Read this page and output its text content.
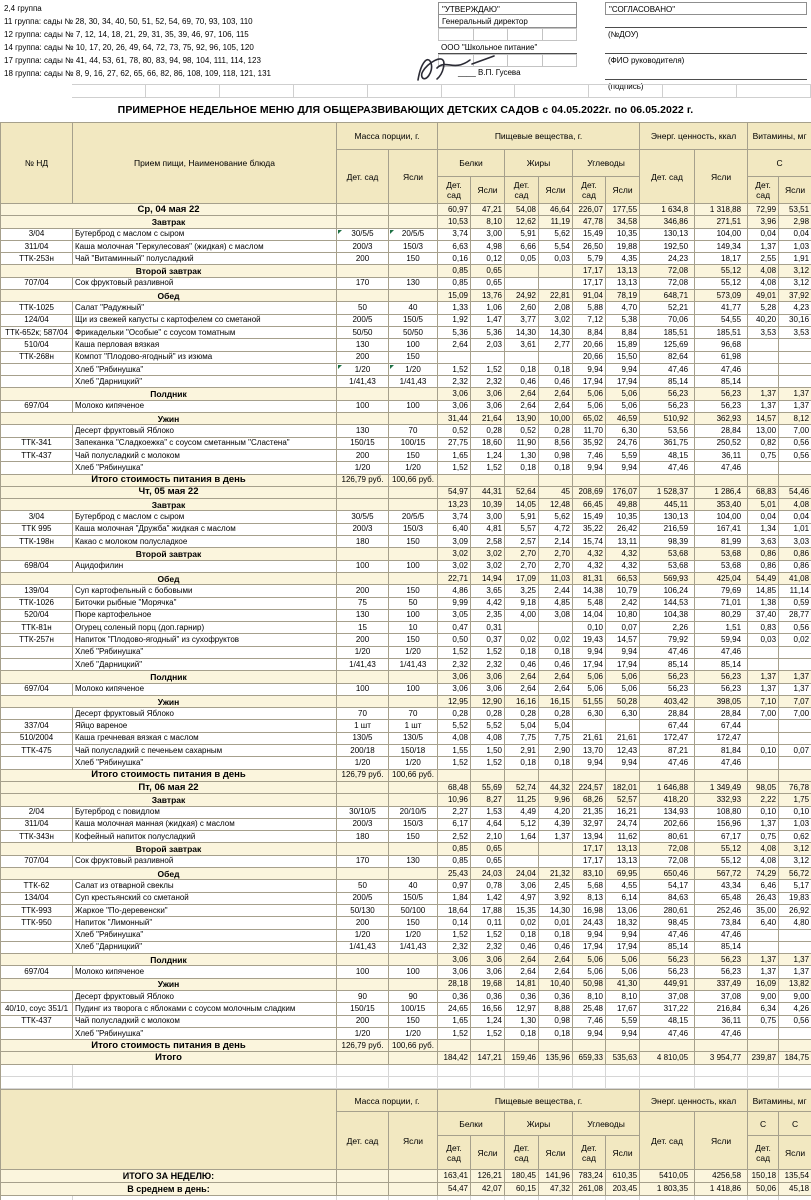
2,4 группа
11 группа: сады № 28, 30, 34, 40, 50, 51, 52, 54, 69, 70, 93, 103, 110
12 группа: сады № 7, 12, 14, 18, 21, 29, 31, 35, 39, 46, 97, 106, 115
14 группа: сады № 10, 17, 20, 26, 49, 64, 72, 73, 75, 92, 96, 105, 120
17 группа: сады № 41, 44, 53, 61, 78, 80, 83, 94, 98, 104, 111, 114, 123
18 группа: сады № 8, 9, 16, 27, 62, 65, 66, 82, 86, 108, 109, 118, 121, 131
"УТВЕРЖДАЮ"
Генеральный директор
ООО "Школьное питание"
____ В.П. Гусева
"СОГЛАСОВАНО"
(№ДОУ)
(ФИО руководителя)
(подпись)
ПРИМЕРНОЕ НЕДЕЛЬНОЕ МЕНЮ ДЛЯ ОБЩЕРАЗВИВАЮЩИХ ДЕТСКИХ САДОВ с 04.05.2022г. по 06.05.2022 г.
№ НД	Прием пищи, Наименование блюда	Масса порции, г.		Пищевые вещества, г.						Энерг. ценность, ккал		Витамины, мг	
		Дет. сад	Ясли	Белки		Жиры		Углеводы		Дет. сад	Ясли	С	
				Дет. сад	Ясли	Дет. сад	Ясли	Дет. сад	Ясли			Дет. сад	Ясли
Ср, 04 мая 22				60,97	47,21	54,08	46,64	226,07	177,55	1 634,8	1 318,88	72,99	53,51
Завтрак				10,53	8,10	12,62	11,19	47,78	34,58	346,86	271,51	3,96	2,98
3/04	Бутерброд с маслом с сыром	30/5/5	20/5/5	3,74	3,00	5,91	5,62	15,49	10,35	130,13	104,00	0,04	0,04
311/04	Каша молочная "Геркулесовая" (жидкая) с маслом	200/3	150/3	6,63	4,98	6,66	5,54	26,50	19,88	192,50	149,34	1,37	1,03
ТТК-253н	Чай "Витаминный" полусладкий	200	150	0,16	0,12	0,05	0,03	5,79	4,35	24,23	18,17	2,55	1,91
Второй завтрак				0,85	0,65			17,17	13,13	72,08	55,12	4,08	3,12
707/04	Сок фруктовый разливной	170	130	0,85	0,65			17,17	13,13	72,08	55,12	4,08	3,12
Обед				15,09	13,76	24,92	22,81	91,04	78,19	648,71	573,09	49,01	37,92
ТТК-1025	Салат "Радужный"	50	40	1,33	1,06	2,60	2,08	5,88	4,70	52,21	41,77	5,28	4,23
124/04	Щи из свежей капусты с картофелем со сметаной	200/5	150/5	1,92	1,47	3,77	3,02	7,12	5,38	70,06	54,55	40,20	30,16
ТТК-652к; 587/04	Фрикадельки "Особые" с соусом томатным	50/50	50/50	5,36	5,36	14,30	14,30	8,84	8,84	185,51	185,51	3,53	3,53
510/04	Каша перловая вязкая	130	100	2,64	2,03	3,61	2,77	20,66	15,89	125,69	96,68		
ТТК-268н	Компот "Плодово-ягодный" из изюма	200	150					20,66	15,50	82,64	61,98		
	Хлеб "Рябинушка"	1/20	1/20	1,52	1,52	0,18	0,18	9,94	9,94	47,46	47,46		
	Хлеб "Дарницкий"	1/41,43	1/41,43	2,32	2,32	0,46	0,46	17,94	17,94	85,14	85,14		
Полдник				3,06	3,06	2,64	2,64	5,06	5,06	56,23	56,23	1,37	1,37
697/04	Молоко кипяченое	100	100	3,06	3,06	2,64	2,64	5,06	5,06	56,23	56,23	1,37	1,37
Ужин				31,44	21,64	13,90	10,00	65,02	46,59	510,92	362,93	14,57	8,12
	Десерт фруктовый Яблоко	130	70	0,52	0,28	0,52	0,28	11,70	6,30	53,56	28,84	13,00	7,00
ТТК-341	Запеканка "Сладкоежка" с соусом сметанным "Сластена"	150/15	100/15	27,75	18,60	11,90	8,56	35,92	24,76	361,75	250,52	0,82	0,56
ТТК-437	Чай полусладкий с молоком	200	150	1,65	1,24	1,30	0,98	7,46	5,59	48,15	36,11	0,75	0,56
	Хлеб "Рябинушка"	1/20	1/20	1,52	1,52	0,18	0,18	9,94	9,94	47,46	47,46		
Итого стоимость питания в день		126,79 руб.	100,66 руб.										
Чт, 05 мая 22				54,97	44,31	52,64	45	208,69	176,07	1 528,37	1 286,4	68,83	54,46
Завтрак				13,23	10,39	14,05	12,48	66,45	49,88	445,11	353,40	5,01	4,08
3/04	Бутерброд с маслом с сыром	30/5/5	20/5/5	3,74	3,00	5,91	5,62	15,49	10,35	130,13	104,00	0,04	0,04
ТТК 995	Каша молочная "Дружба" жидкая с маслом	200/3	150/3	6,40	4,81	5,57	4,72	35,22	26,42	216,59	167,41	1,34	1,01
ТТК-198н	Какао с молоком полусладкое	180	150	3,09	2,58	2,57	2,14	15,74	13,11	98,39	81,99	3,63	3,03
Второй завтрак				3,02	3,02	2,70	2,70	4,32	4,32	53,68	53,68	0,86	0,86
698/04	Ацидофилин	100	100	3,02	3,02	2,70	2,70	4,32	4,32	53,68	53,68	0,86	0,86
Обед				22,71	14,94	17,09	11,03	81,31	66,53	569,93	425,04	54,49	41,08
139/04	Суп картофельный с бобовыми	200	150	4,86	3,65	3,25	2,44	14,38	10,79	106,24	79,69	14,85	11,14
ТТК-1026	Биточки рыбные "Морячка"	75	50	9,99	4,42	9,18	4,85	5,48	2,42	144,53	71,01	1,38	0,59
520/04	Пюре картофельное	130	100	3,05	2,35	4,00	3,08	14,04	10,80	104,38	80,29	37,40	28,77
ТТК-81н	Огурец соленый порц (доп.гарнир)	15	10	0,47	0,31			0,10	0,07	2,26	1,51	0,83	0,56
ТТК-257н	Напиток "Плодово-ягодный" из сухофруктов	200	150	0,50	0,37	0,02	0,02	19,43	14,57	79,92	59,94	0,03	0,02
	Хлеб "Рябинушка"	1/20	1/20	1,52	1,52	0,18	0,18	9,94	9,94	47,46	47,46		
	Хлеб "Дарницкий"	1/41,43	1/41,43	2,32	2,32	0,46	0,46	17,94	17,94	85,14	85,14		
Полдник				3,06	3,06	2,64	2,64	5,06	5,06	56,23	56,23	1,37	1,37
697/04	Молоко кипяченое	100	100	3,06	3,06	2,64	2,64	5,06	5,06	56,23	56,23	1,37	1,37
Ужин				12,95	12,90	16,16	16,15	51,55	50,28	403,42	398,05	7,10	7,07
	Десерт фруктовый Яблоко	70	70	0,28	0,28	0,28	0,28	6,30	6,30	28,84	28,84	7,00	7,00
337/04	Яйцо вареное	1 шт	1 шт	5,52	5,52	5,04	5,04			67,44	67,44		
510/2004	Каша гречневая вязкая с маслом	130/5	130/5	4,08	4,08	7,75	7,75	21,61	21,61	172,47	172,47		
ТТК-475	Чай полусладкий с печеньем сахарным	200/18	150/18	1,55	1,50	2,91	2,90	13,70	12,43	87,21	81,84	0,10	0,07
	Хлеб "Рябинушка"	1/20	1/20	1,52	1,52	0,18	0,18	9,94	9,94	47,46	47,46		
Итого стоимость питания в день		126,79 руб.	100,66 руб.										
Пт, 06 мая 22				68,48	55,69	52,74	44,32	224,57	182,01	1 646,88	1 349,49	98,05	76,78
Завтрак				10,96	8,27	11,25	9,96	68,26	52,57	418,20	332,93	2,22	1,75
2/04	Бутерброд с повидлом	30/10/5	20/10/5	2,27	1,53	4,49	4,20	21,35	16,21	134,93	108,80	0,10	0,10
311/04	Каша молочная манная (жидкая) с маслом	200/3	150/3	6,17	4,64	5,12	4,39	32,97	24,74	202,66	156,96	1,37	1,03
ТТК-343н	Кофейный напиток полусладкий	180	150	2,52	2,10	1,64	1,37	13,94	11,62	80,61	67,17	0,75	0,62
Второй завтрак				0,85	0,65			17,17	13,13	72,08	55,12	4,08	3,12
707/04	Сок фруктовый разливной	170	130	0,85	0,65			17,17	13,13	72,08	55,12	4,08	3,12
Обед				25,43	24,03	24,04	21,32	83,10	69,95	650,46	567,72	74,29	56,72
ТТК-62	Салат из отварной свеклы	50	40	0,97	0,78	3,06	2,45	5,68	4,55	54,17	43,34	6,46	5,17
134/04	Суп крестьянский со сметаной	200/5	150/5	1,84	1,42	4,97	3,92	8,13	6,14	84,63	65,48	26,43	19,83
ТТК-993	Жаркое "По-деревенски"	50/130	50/100	18,64	17,88	15,35	14,30	16,98	13,06	280,61	252,46	35,00	26,92
ТТК-950	Напиток "Лимонный"	200	150	0,14	0,11	0,02	0,01	24,43	18,32	98,45	73,84	6,40	4,80
	Хлеб "Рябинушка"	1/20	1/20	1,52	1,52	0,18	0,18	9,94	9,94	47,46	47,46		
	Хлеб "Дарницкий"	1/41,43	1/41,43	2,32	2,32	0,46	0,46	17,94	17,94	85,14	85,14		
Полдник				3,06	3,06	2,64	2,64	5,06	5,06	56,23	56,23	1,37	1,37
697/04	Молоко кипяченое	100	100	3,06	3,06	2,64	2,64	5,06	5,06	56,23	56,23	1,37	1,37
Ужин				28,18	19,68	14,81	10,40	50,98	41,30	449,91	337,49	16,09	13,82
	Десерт фруктовый Яблоко	90	90	0,36	0,36	0,36	0,36	8,10	8,10	37,08	37,08	9,00	9,00
40/10, соус 351/1	Пудинг из творога с яблоками с соусом молочным сладким	150/15	100/15	24,65	16,56	12,97	8,88	25,48	17,67	317,22	216,84	6,34	4,26
ТТК-437	Чай полусладкий с молоком	200	150	1,65	1,24	1,30	0,98	7,46	5,59	48,15	36,11	0,75	0,56
	Хлеб "Рябинушка"	1/20	1/20	1,52	1,52	0,18	0,18	9,94	9,94	47,46	47,46		
Итого стоимость питания в день		126,79 руб.	100,66 руб.										
Итого				184,42	147,21	159,46	135,96	659,33	535,63	4 810,05	3 954,77	239,87	184,75

		Масса порции, г.		Пищевые вещества, г.						Энерг. ценность, ккал		Витамины, мг	
		Дет. сад	Ясли	Белки		Жиры		Углеводы		Дет. сад	Ясли	С	С
				Дет. сад	Ясли	Дет. сад	Ясли	Дет. сад	Ясли			Дет. сад	Ясли
ИТОГО ЗА НЕДЕЛЮ:				163,41	126,21	180,45	141,96	783,24	610,35	5410,05	4256,58	150,18	135,54
В среднем в день:				54,47	42,07	60,15	47,32	261,08	203,45	1 803,35	1 418,86	50,06	45,18
